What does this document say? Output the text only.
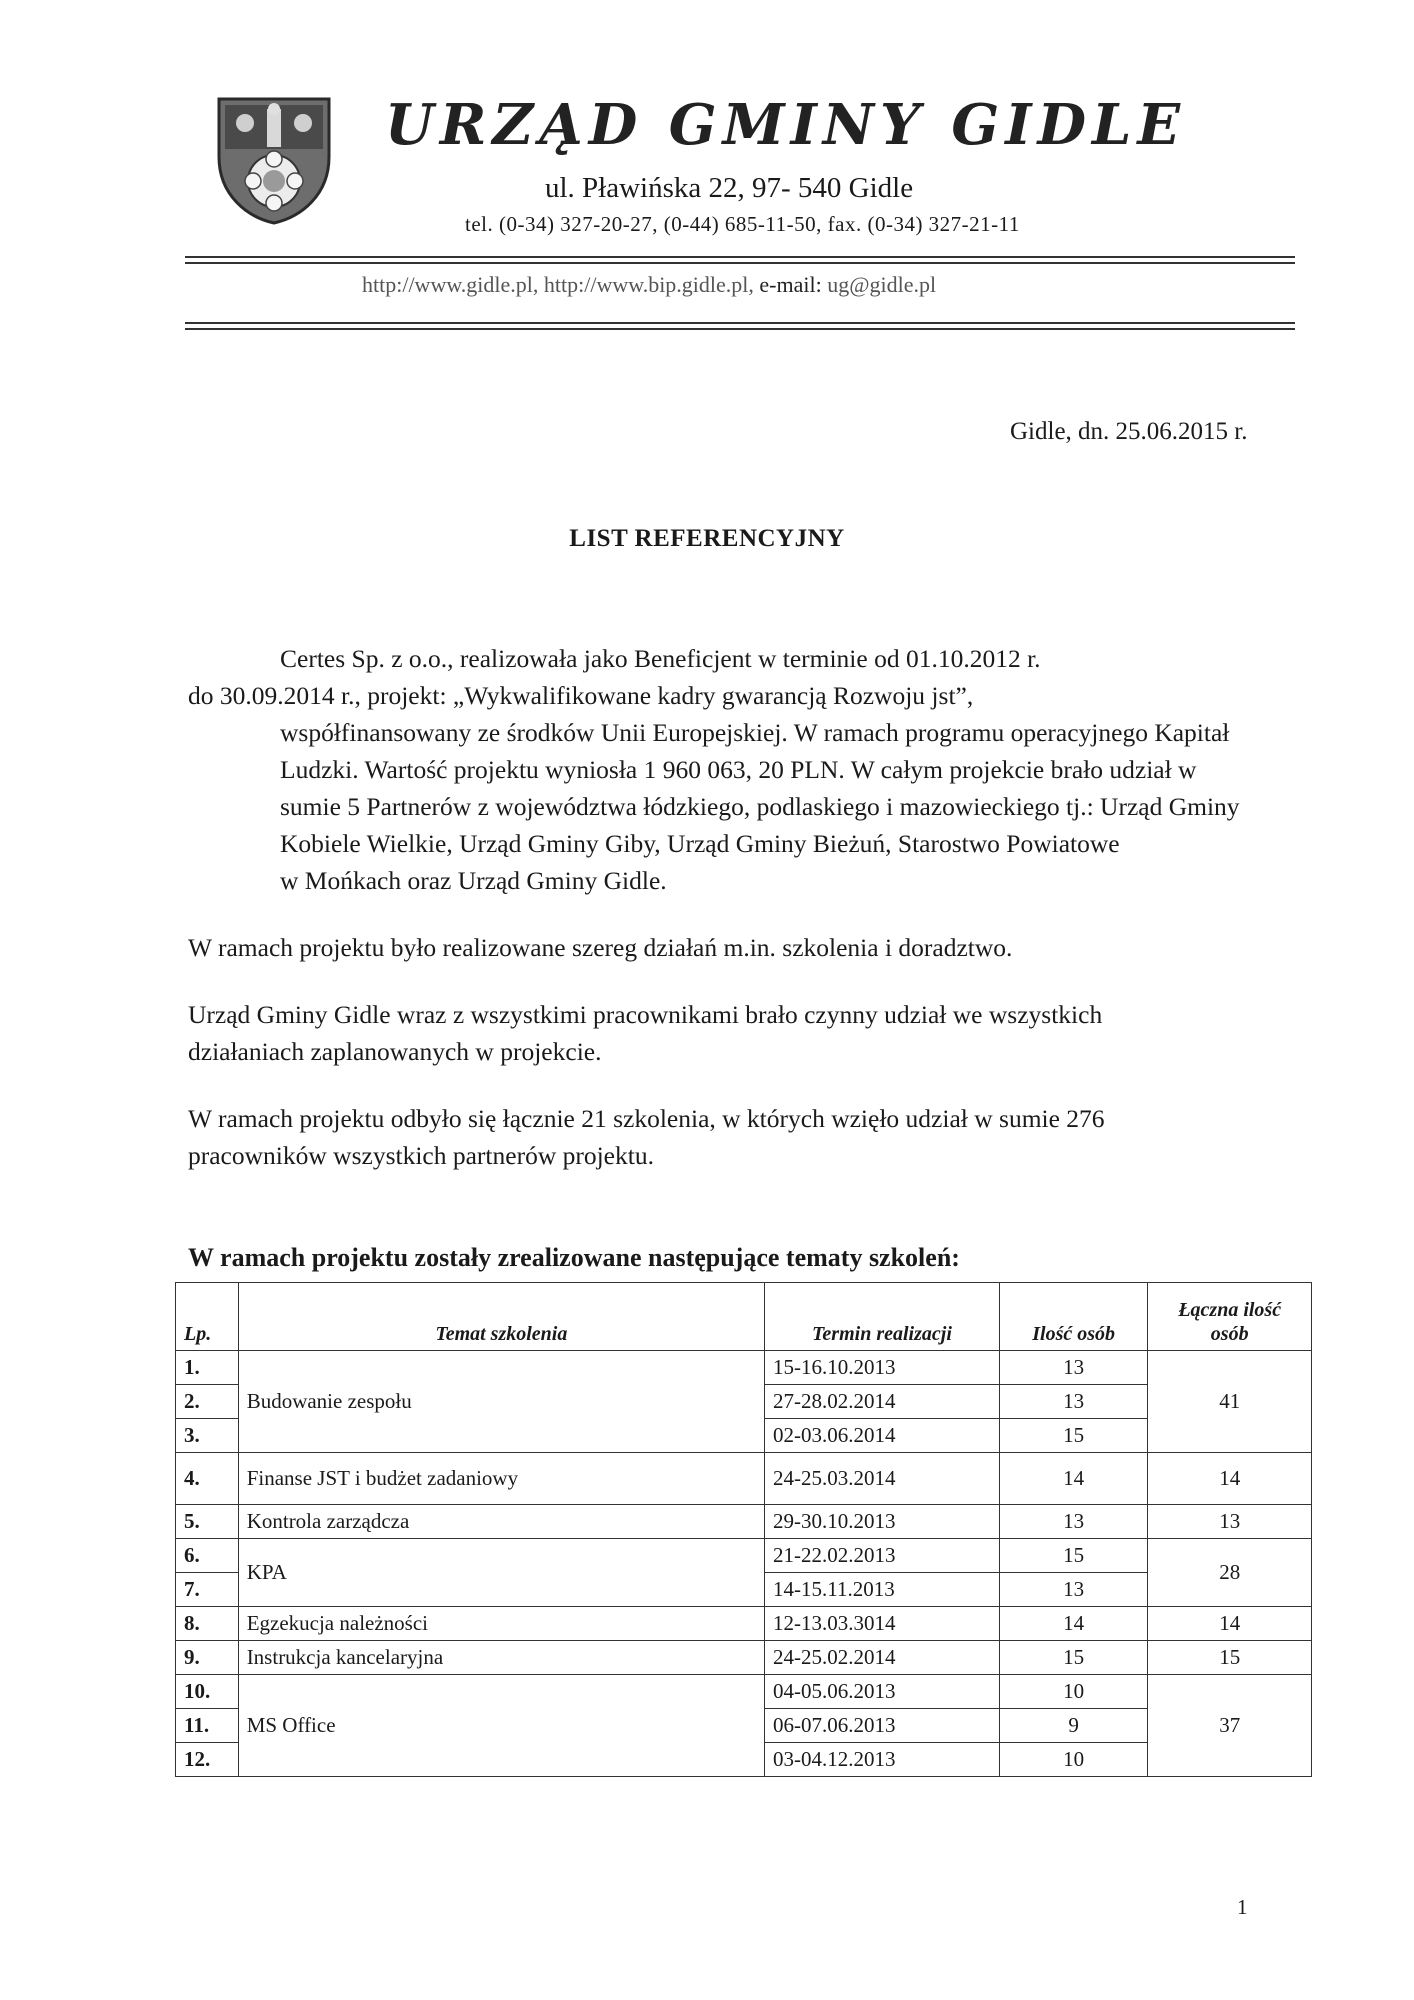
URZĄD GMINY GIDLE
ul. Pławińska 22, 97- 540 Gidle
tel. (0-34) 327-20-27, (0-44) 685-11-50, fax. (0-34) 327-21-11
http://www.gidle.pl, http://www.bip.gidle.pl, e-mail: ug@gidle.pl
Gidle, dn. 25.06.2015 r.
LIST REFERENCYJNY

Certes Sp. z o.o., realizowała jako Beneficjent w terminie od 01.10.2012 r.
do 30.09.2014 r., projekt: „Wykwalifikowane kadry gwarancją Rozwoju jst”,
współfinansowany ze środków Unii Europejskiej. W ramach programu operacyjnego Kapitał
Ludzki. Wartość projektu wyniosła 1 960 063, 20 PLN. W całym projekcie brało udział w
sumie 5 Partnerów z województwa łódzkiego, podlaskiego i mazowieckiego tj.: Urząd Gminy
Kobiele Wielkie, Urząd Gminy Giby, Urząd Gminy Bieżuń, Starostwo Powiatowe
w Mońkach oraz Urząd Gminy Gidle.

W ramach projektu było realizowane szereg działań m.in. szkolenia i doradztwo.

Urząd Gminy Gidle wraz z wszystkimi pracownikami brało czynny udział we wszystkich
działaniach zaplanowanych w projekcie.

W ramach projektu odbyło się łącznie 21 szkolenia, w których wzięło udział w sumie 276
pracowników wszystkich partnerów projektu.

W ramach projektu zostały zrealizowane następujące tematy szkoleń:
Lp.	Temat szkolenia	Termin realizacji	Ilość osób	Łączna ilość
osób
1.	Budowanie zespołu	15-16.10.2013	13	41
2.		27-28.02.2014	13	
3.		02-03.06.2014	15	
4.	Finanse JST i budżet zadaniowy	24-25.03.2014	14	14
5.	Kontrola zarządcza	29-30.10.2013	13	13
6.	KPA	21-22.02.2013	15	28
7.		14-15.11.2013	13	
8.	Egzekucja należności	12-13.03.3014	14	14
9.	Instrukcja kancelaryjna	24-25.02.2014	15	15
10.	MS Office	04-05.06.2013	10	37
11.		06-07.06.2013	9	
12.		03-04.12.2013	10	
1
